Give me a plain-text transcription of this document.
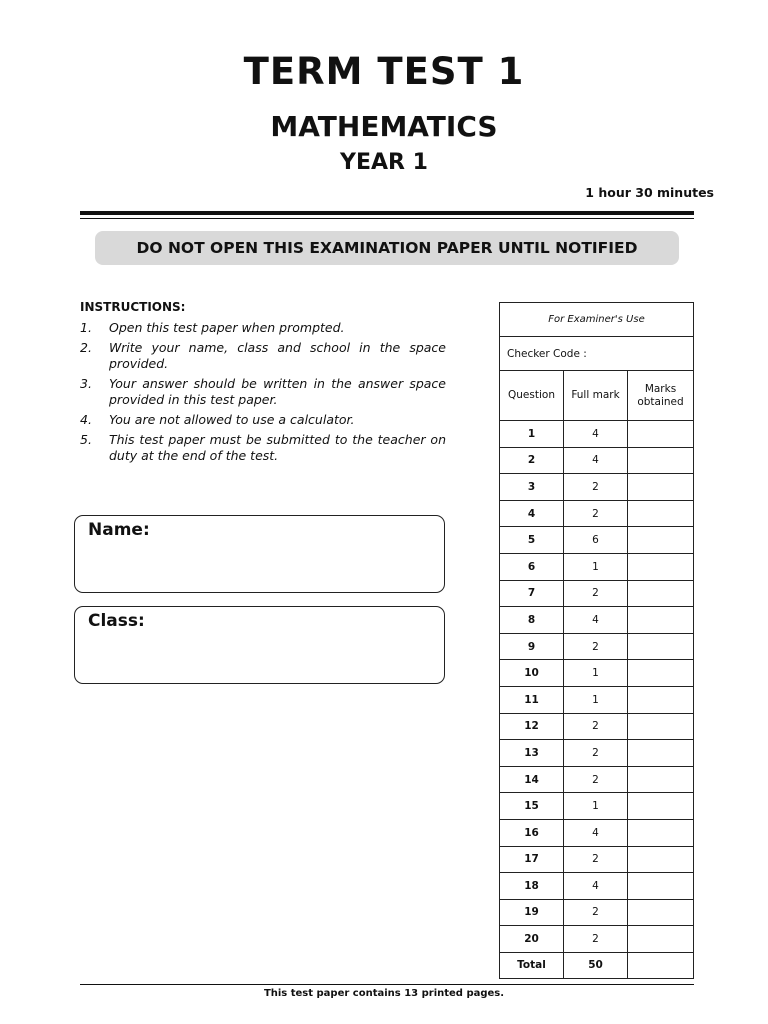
TERM TEST 1
MATHEMATICS
YEAR 1
1 hour 30 minutes
DO NOT OPEN THIS EXAMINATION PAPER UNTIL NOTIFIED
INSTRUCTIONS:
1.	Open this test paper when prompted.
2.	Write your name, class and school in the space provided.
3.	Your answer should be written in the answer space provided in this test paper.
4.	You are not allowed to use a calculator.
5.	This test paper must be submitted to the teacher on duty at the end of the test.
Name:
Class:
For Examiner's Use		
Checker Code :		
Question	Full mark	Marks obtained
1	4	
2	4	
3	2	
4	2	
5	6	
6	1	
7	2	
8	4	
9	2	
10	1	
11	1	
12	2	
13	2	
14	2	
15	1	
16	4	
17	2	
18	4	
19	2	
20	2	
Total	50	
This test paper contains 13 printed pages.
